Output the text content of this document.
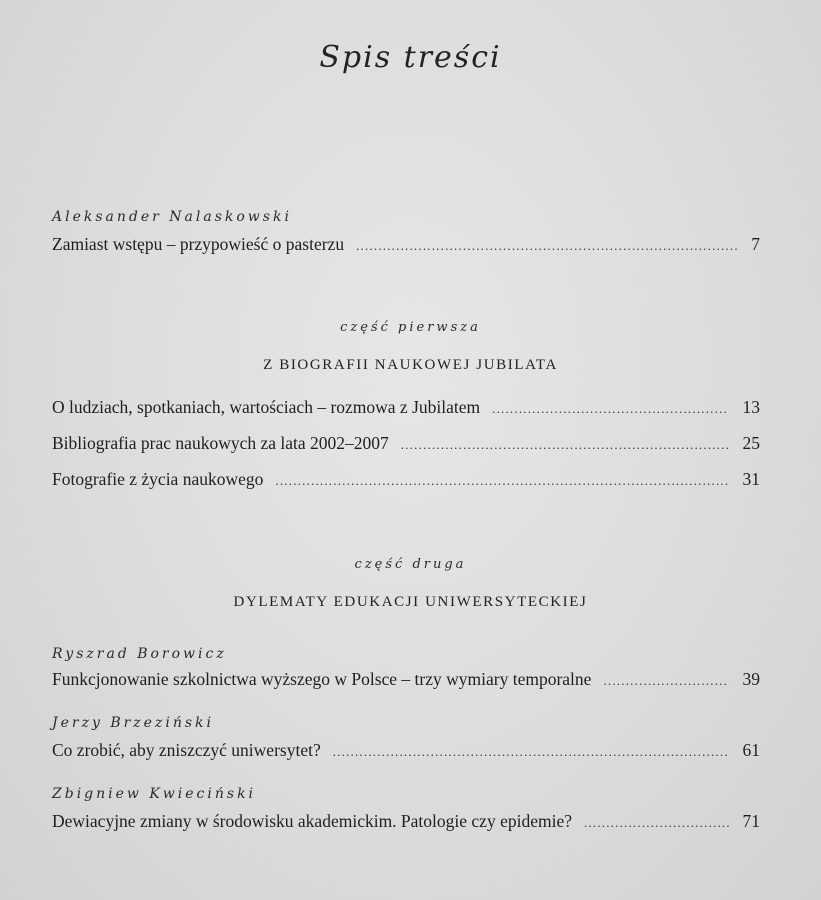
Spis treści
Aleksander Nalaskowski
Zamiast wstępu – przypowieść o pasterzu .....	7
część pierwsza
Z BIOGRAFII NAUKOWEJ JUBILATA
O ludziach, spotkaniach, wartościach – rozmowa z Jubilatem .....	13
Bibliografia prac naukowych za lata 2002–2007 .....	25
Fotografie z życia naukowego .....	31
część druga
DYLEMATY EDUKACJI UNIWERSYTECKIEJ
Ryszrad Borowicz
Funkcjonowanie szkolnictwa wyższego w Polsce – trzy wymiary temporalne .....	39
Jerzy Brzeziński
Co zrobić, aby zniszczyć uniwersytet? .....	61
Zbigniew Kwieciński
Dewiacyjne zmiany w środowisku akademickim. Patologie czy epidemie? .....	71
